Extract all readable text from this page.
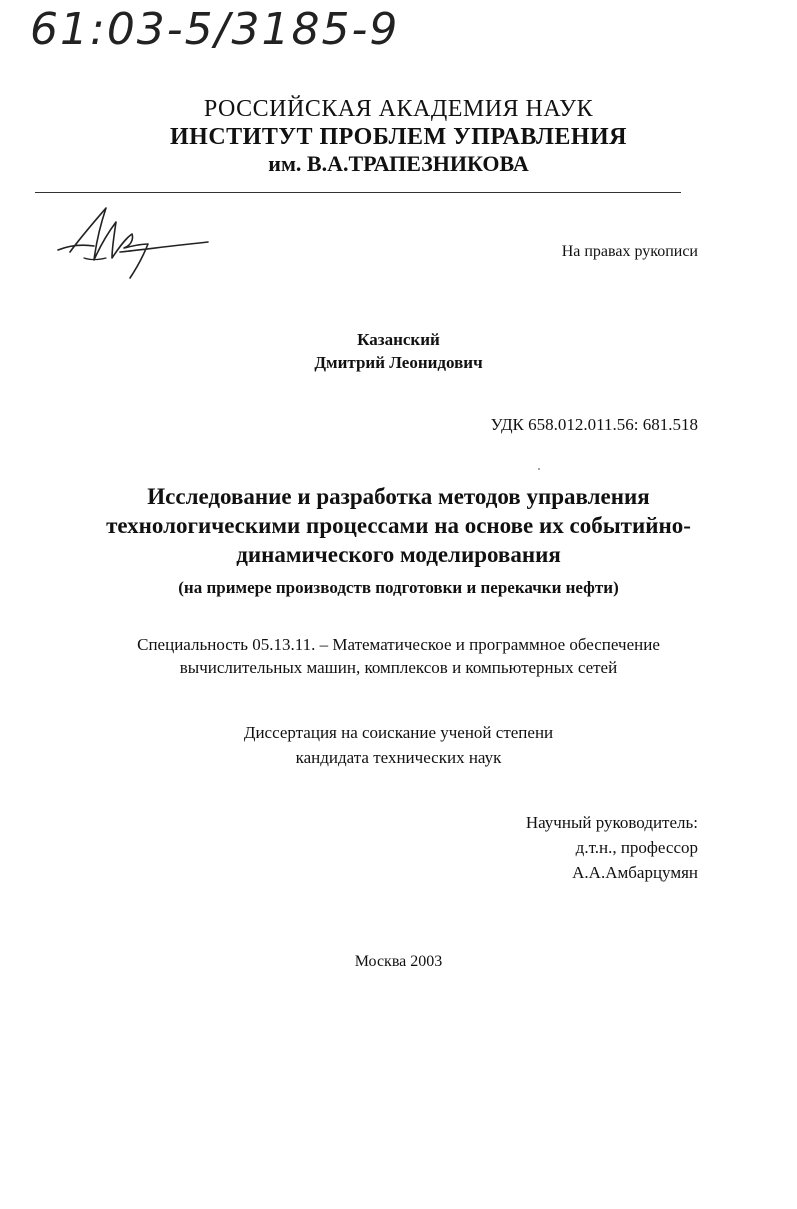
61:03-5/3185-9
РОССИЙСКАЯ АКАДЕМИЯ НАУК
ИНСТИТУТ ПРОБЛЕМ УПРАВЛЕНИЯ
им. В.А.ТРАПЕЗНИКОВА
На правах рукописи
Казанский
Дмитрий Леонидович
УДК 658.012.011.56: 681.518
Исследование и разработка методов управления
технологическими процессами на основе их событийно-
динамического моделирования
(на примере производств подготовки и перекачки нефти)
Специальность 05.13.11. – Математическое и программное обеспечение
вычислительных машин, комплексов и компьютерных сетей
Диссертация на соискание ученой степени
кандидата технических наук
Научный руководитель:
д.т.н., профессор
А.А.Амбарцумян
Москва 2003
